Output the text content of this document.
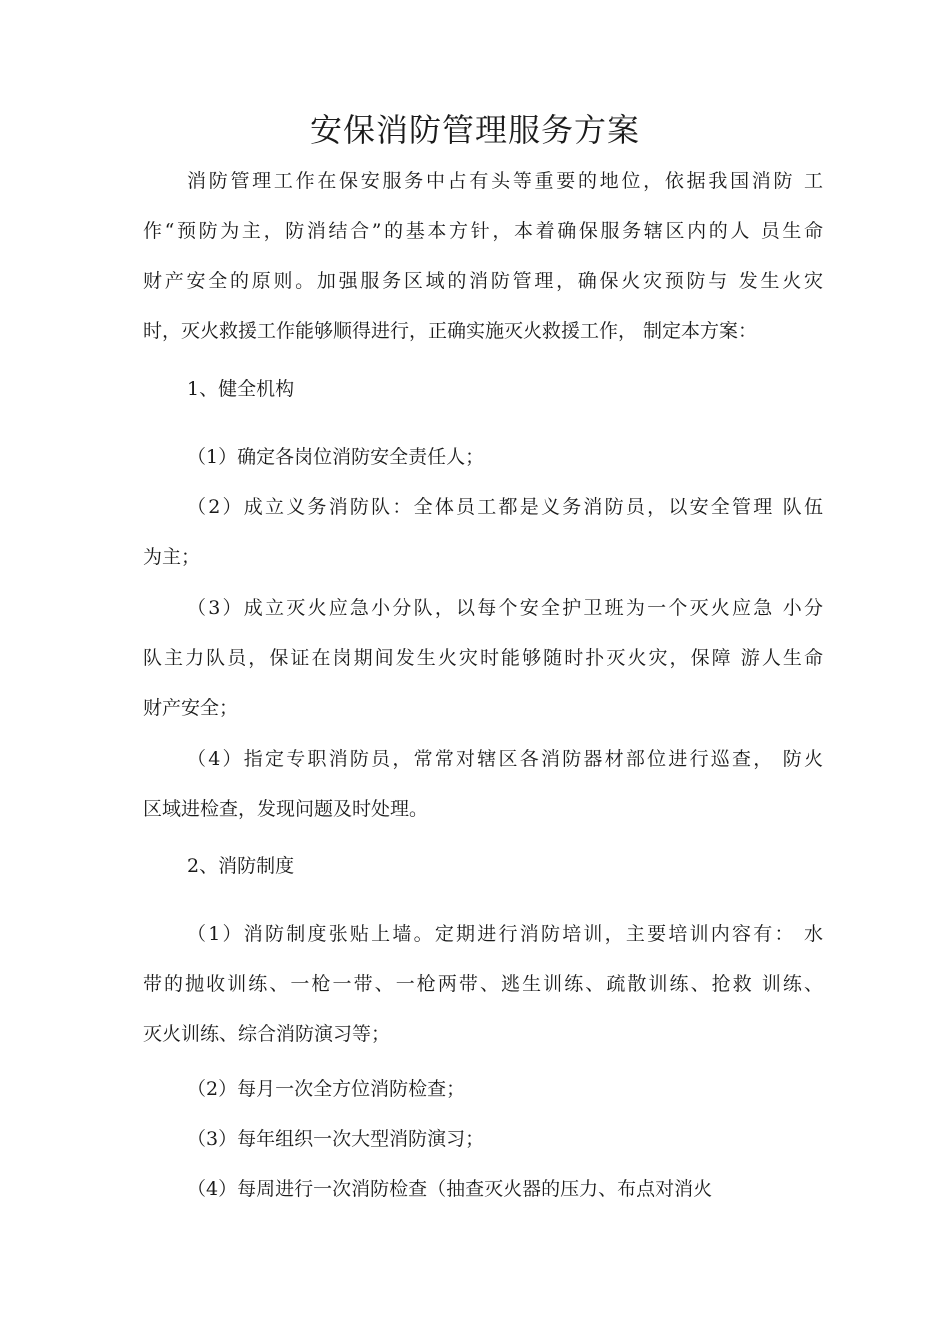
安保消防管理服务方案

消防管理工作在保安服务中占有头等重要的地位，依据我国消防 工

作“预防为主，防消结合”的基本方针，本着确保服务辖区内的人 员生命

财产安全的原则。加强服务区域的消防管理，确保火灾预防与 发生火灾

时，灭火救援工作能够顺得进行，正确实施灭火救援工作， 制定本方案：

1、健全机构

（1）确定各岗位消防安全责任人；

（2）成立义务消防队：全体员工都是义务消防员，以安全管理 队伍

为主；

（3）成立灭火应急小分队，以每个安全护卫班为一个灭火应急 小分

队主力队员，保证在岗期间发生火灾时能够随时扑灭火灾，保障 游人生命

财产安全；

（4）指定专职消防员，常常对辖区各消防器材部位进行巡查， 防火

区域进检查，发现问题及时处理。

2、消防制度

（1）消防制度张贴上墙。定期进行消防培训，主要培训内容有： 水

带的抛收训练、一枪一带、一枪两带、逃生训练、疏散训练、抢救 训练、

灭火训练、综合消防演习等；

（2）每月一次全方位消防检查；

（3）每年组织一次大型消防演习；

（4）每周进行一次消防检查（抽查灭火器的压力、布点对消火
